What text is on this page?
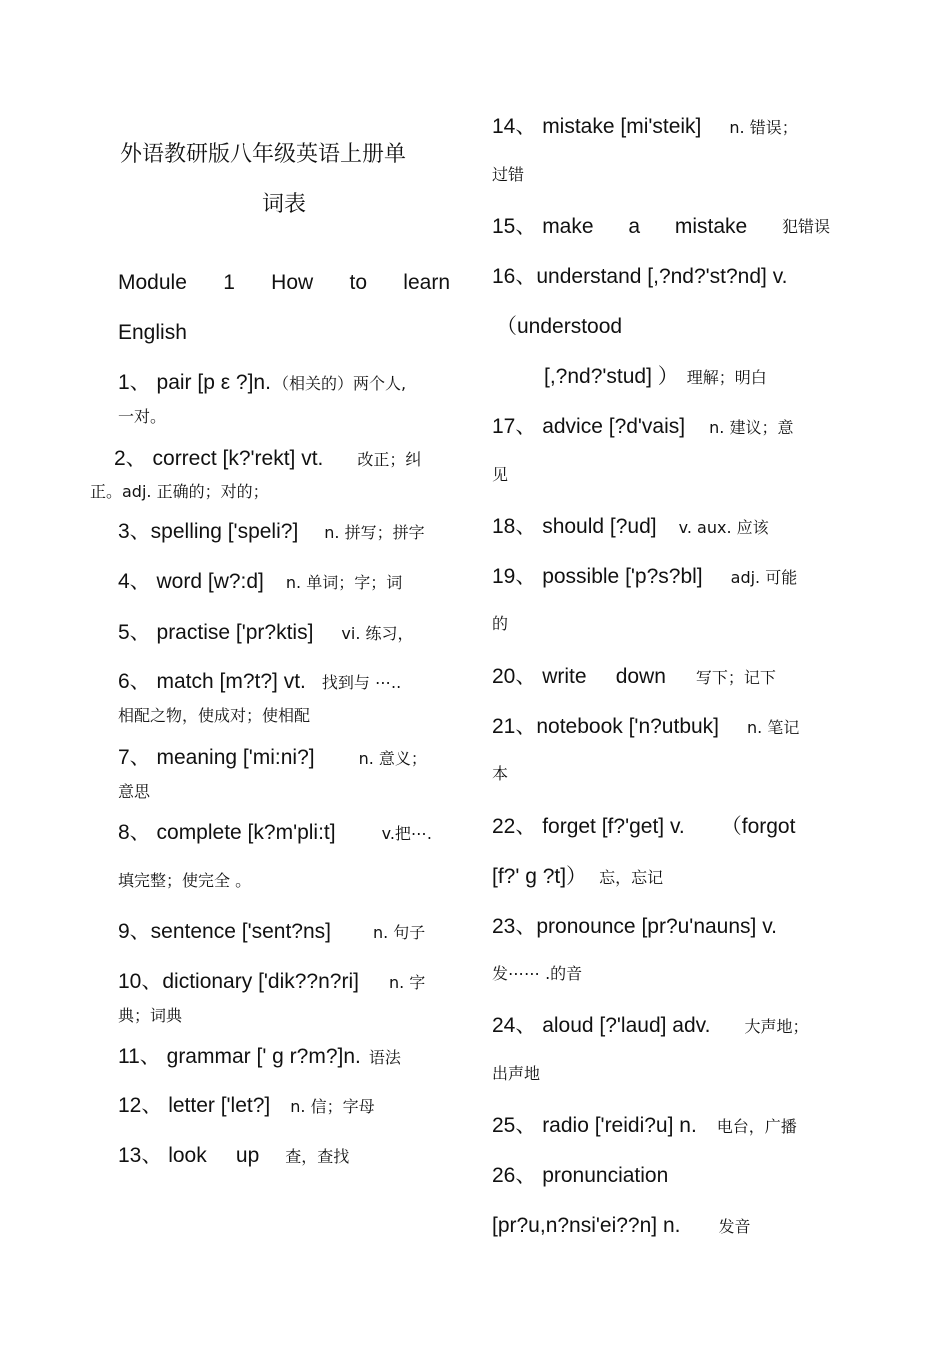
外语教研版八年级英语上册单
词表
Module 1 How to learn
English
1、 pair [p ε ?]n. （相关的）两个人,
一对。
2、 correct [k?'rekt] vt. 改正；纠
正。adj. 正确的；对的；
3、spelling ['speli?] n. 拼写；拼字
4、 word [w?:d] n. 单词；字；词
5、 practise ['pr?ktis] vi. 练习，
6、 match [m?t?] vt. 找到与 ⋯..
相配之物，使成对；使相配
7、 meaning ['mi:ni?]	n. 意义；
意思
8、 complete [k?m'pli:t]	v.把⋯.
填完整；使完全 。
9、sentence ['sent?ns]	n. 句子
10、dictionary ['dik??n?ri] n. 字
典；词典
11、 grammar [' ɡ r?m?]n. 语法
12、 letter ['let?] n. 信；字母
13、 look     up 查，查找
14、 mistake [mi'steik] n. 错误；
过错
15、 make a mistake 犯错误
16、understand [,?nd?'st?nd] v.
（understood
[,?nd?'stud] ） 理解；明白
17、 advice [?d'vais] n. 建议；意
见
18、 should [?ud] v. aux. 应该
19、 possible ['p?s?bl] adj. 可能
的
20、 write     down 写下；记下
21、notebook ['n?utbuk] n. 笔记
本
22、 forget [f?'get] v. （forgot
[f?' ɡ ?t]） 忘，忘记
23、pronounce [pr?u'nauns] v.
发⋯⋯ .的音
24、 aloud [?'laud] adv. 大声地；
出声地
25、 radio ['reidi?u] n. 电台，广播
26、 pronunciation
[pr?u,n?nsi'ei??n] n. 发音
